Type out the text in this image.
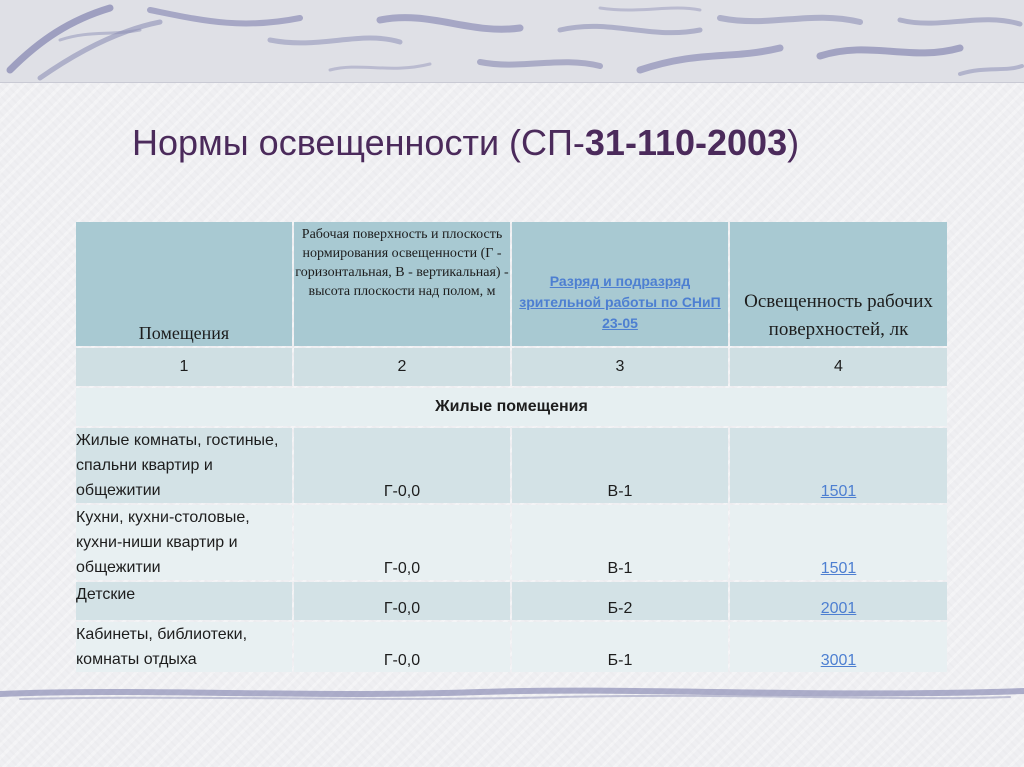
Нормы освещенности (СП-31-110-2003)
Помещения	Рабочая поверхность и плоскость нормирования освещенности (Г - горизонтальная, В - вертикальная) - высота плоскости над полом, м	Разряд и подразряд зрительной работы по СНиП 23-05	Освещенность рабочих поверхностей, лк
1	2	3	4
Жилые помещения			
Жилые комнаты, гостиные, спальни квартир и общежитии	Г-0,0	В-1	1501
Кухни, кухни-столовые, кухни-ниши квартир и общежитии	Г-0,0	В-1	1501
Детские	Г-0,0	Б-2	2001
Кабинеты, библиотеки, комнаты отдыха	Г-0,0	Б-1	3001
